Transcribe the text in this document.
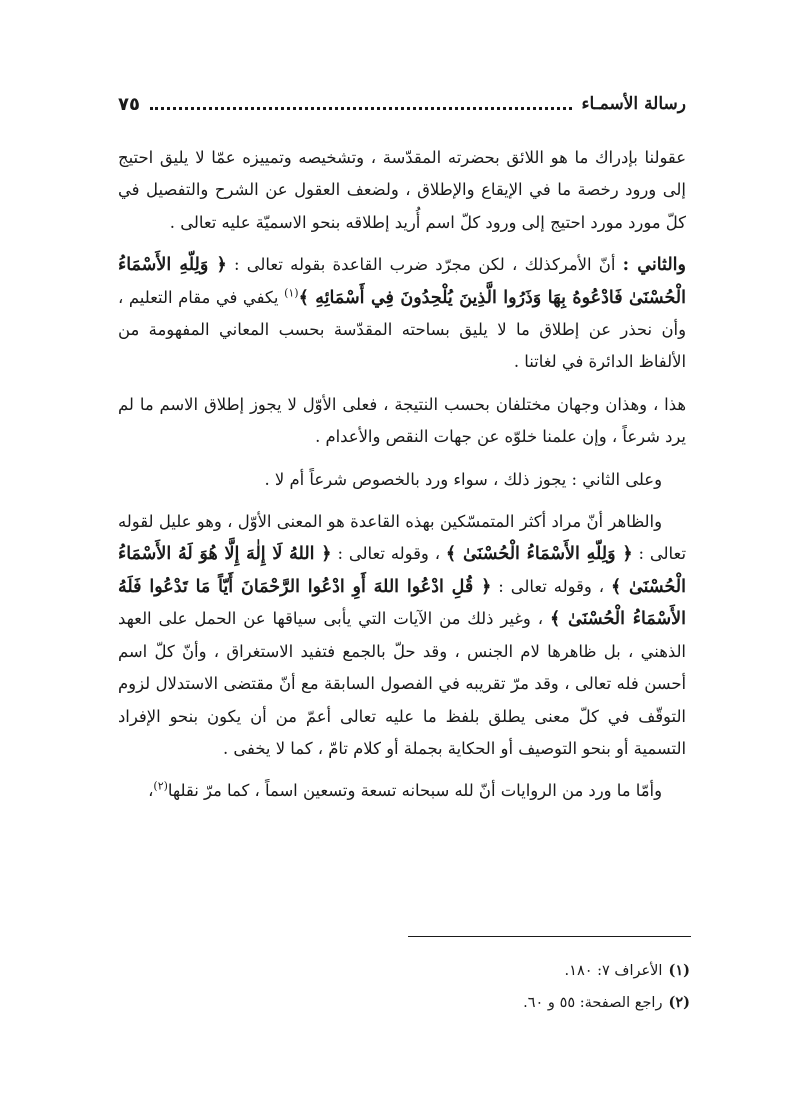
رسالة الأسمـاء
٧٥

عقولنا بإدراك ما هو اللائق بحضرته المقدّسة ، وتشخيصه وتمييزه عمّا لا يليق احتيج إلى ورود رخصة ما في الإيقاع والإطلاق ، ولضعف العقول عن الشرح والتفصيل في كلّ مورد مورد احتيج إلى ورود كلّ اسم أُريد إطلاقه بنحو الاسميّة عليه تعالى .

والثاني : أنّ الأمركذلك ، لكن مجرّد ضرب القاعدة بقوله تعالى : ﴿ وَلِلّهِ الأَسْمَاءُ الْحُسْنَىٰ فَادْعُوهُ بِهَا وَذَرُوا الَّذِينَ يُلْحِدُونَ فِي أَسْمَائِهِ ﴾$^{(١)}$ يكفي في مقام التعليم ، وأن نحذر عن إطلاق ما لا يليق بساحته المقدّسة بحسب المعاني المفهومة من الألفاظ الدائرة في لغاتنا .

هذا ، وهذان وجهان مختلفان بحسب النتيجة ، فعلى الأوّل لا يجوز إطلاق الاسم ما لم يرد شرعاً ، وإن علمنا خلوّه عن جهات النقص والأعدام .

وعلى الثاني : يجوز ذلك ، سواء ورد بالخصوص شرعاً أم لا .

والظاهر أنّ مراد أكثر المتمسّكين بهذه القاعدة هو المعنى الأوّل ، وهو عليل لقوله تعالى : ﴿ وَلِلّهِ الأَسْمَاءُ الْحُسْنَىٰ ﴾ ، وقوله تعالى : ﴿ اللهُ لَا إِلٰهَ إِلَّا هُوَ لَهُ الأَسْمَاءُ الْحُسْنَىٰ ﴾ ، وقوله تعالى : ﴿ قُلِ ادْعُوا اللهَ أَوِ ادْعُوا الرَّحْمَانَ أَيّاً مَا تَدْعُوا فَلَهُ الأَسْمَاءُ الْحُسْنَىٰ ﴾ ، وغير ذلك من الآيات التي يأبى سياقها عن الحمل على العهد الذهني ، بل ظاهرها لام الجنس ، وقد حلّ بالجمع فتفيد الاستغراق ، وأنّ كلّ اسم أحسن فله تعالى ، وقد مرّ تقريبه في الفصول السابقة مع أنّ مقتضى الاستدلال لزوم التوقّف في كلّ معنى يطلق بلفظ ما عليه تعالى أعمّ من أن يكون بنحو الإفراد التسمية أو بنحو التوصيف أو الحكاية بجملة أو كلام تامّ ، كما لا يخفى .

وأمّا ما ورد من الروايات أنّ لله سبحانه تسعة وتسعين اسماً ، كما مرّ نقلها$^{(٢)}$،

(١)الأعراف ٧: ١٨٠.

(٢)راجع الصفحة: ٥٥ و ٦٠.
